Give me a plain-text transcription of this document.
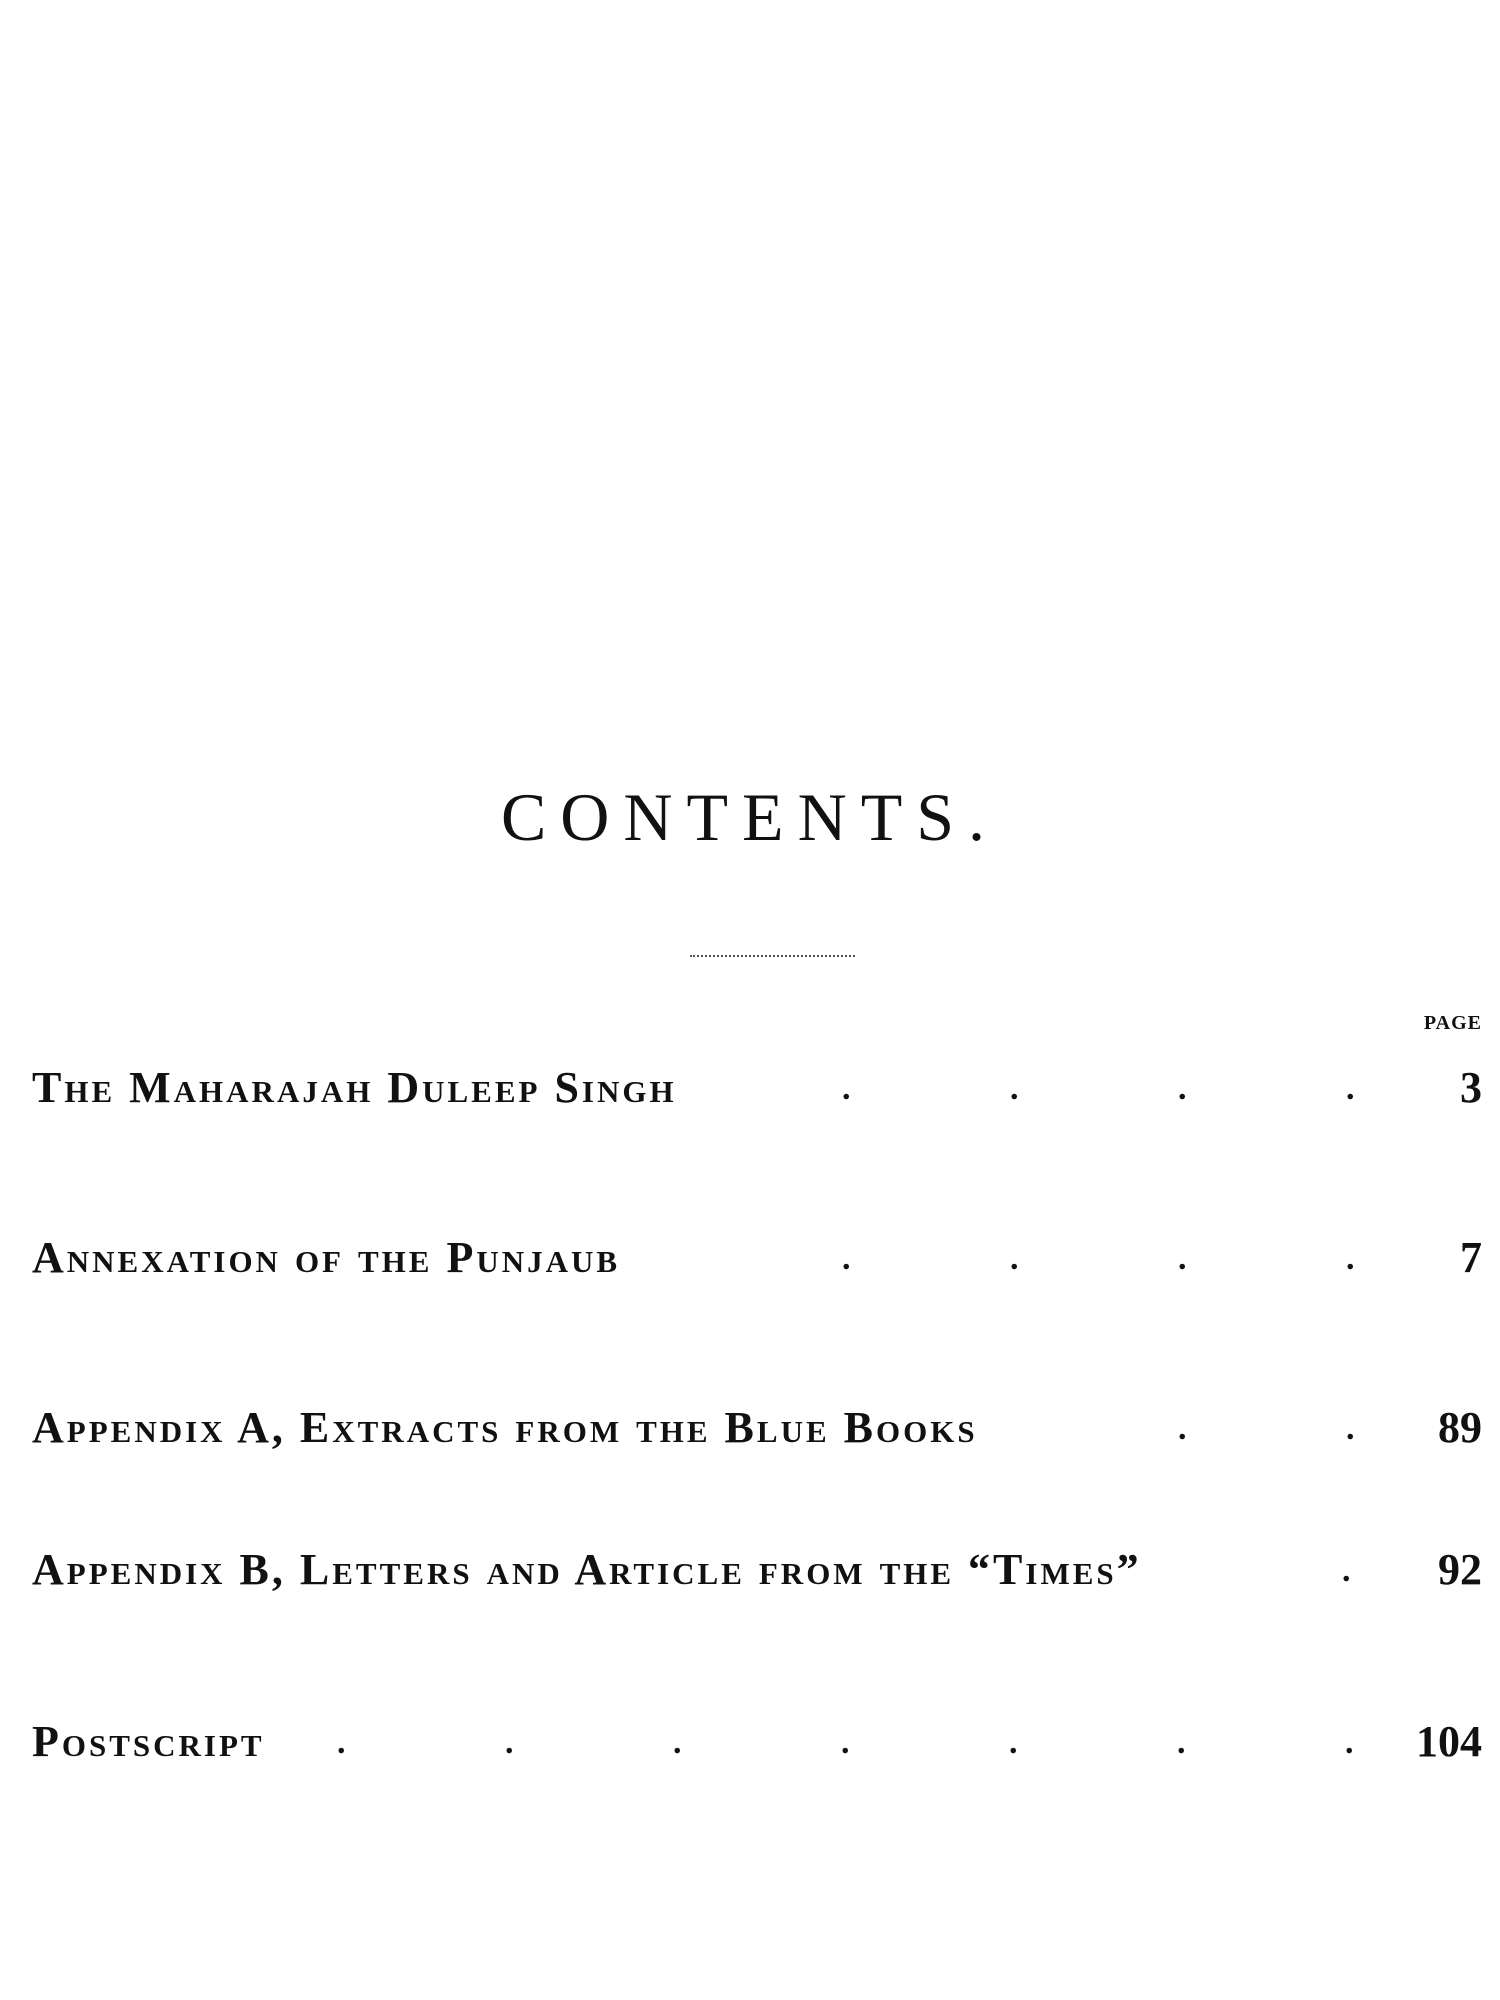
CONTENTS.
PAGE
The Maharajah Duleep Singh	.	.	.	. 3
Annexation of the Punjaub	.	.	.	. 7
Appendix A, Extracts from the Blue Books	.	. 89
Appendix B, Letters and Article from the “Times”	. 92
Postscript .	.	.	.	.	.	. 104
